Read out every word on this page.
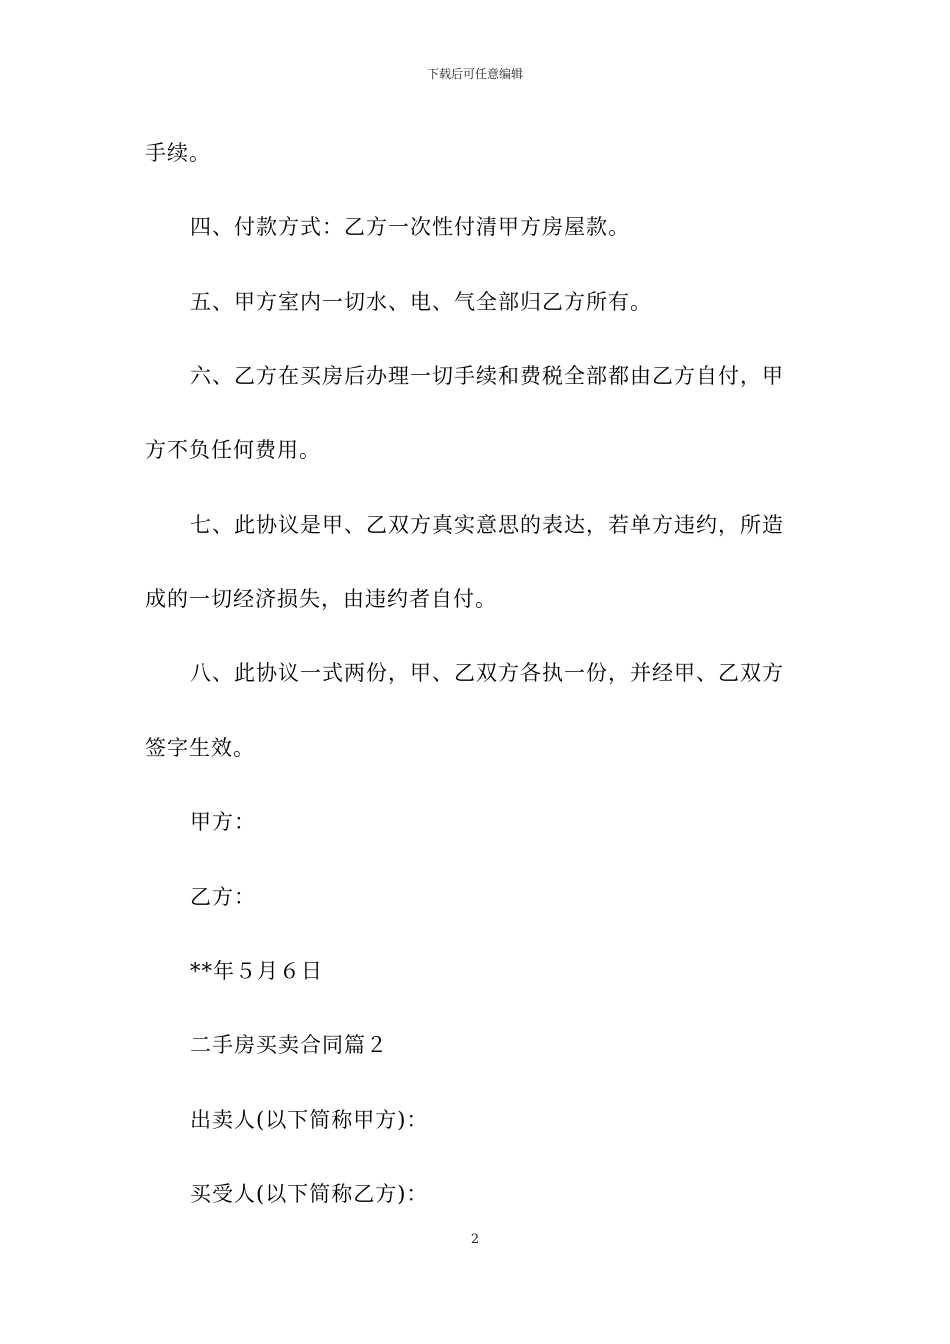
下载后可任意编辑
手续。
四、付款方式：乙方一次性付清甲方房屋款。
五、甲方室内一切水、电、气全部归乙方所有。
六、乙方在买房后办理一切手续和费税全部都由乙方自付，甲
方不负任何费用。
七、此协议是甲、乙双方真实意思的表达，若单方违约，所造
成的一切经济损失，由违约者自付。
八、此协议一式两份，甲、乙双方各执一份，并经甲、乙双方
签字生效。
甲方：
乙方：
**年５月６日
二手房买卖合同篇２
出卖人(以下简称甲方)：
买受人(以下简称乙方)：
2
